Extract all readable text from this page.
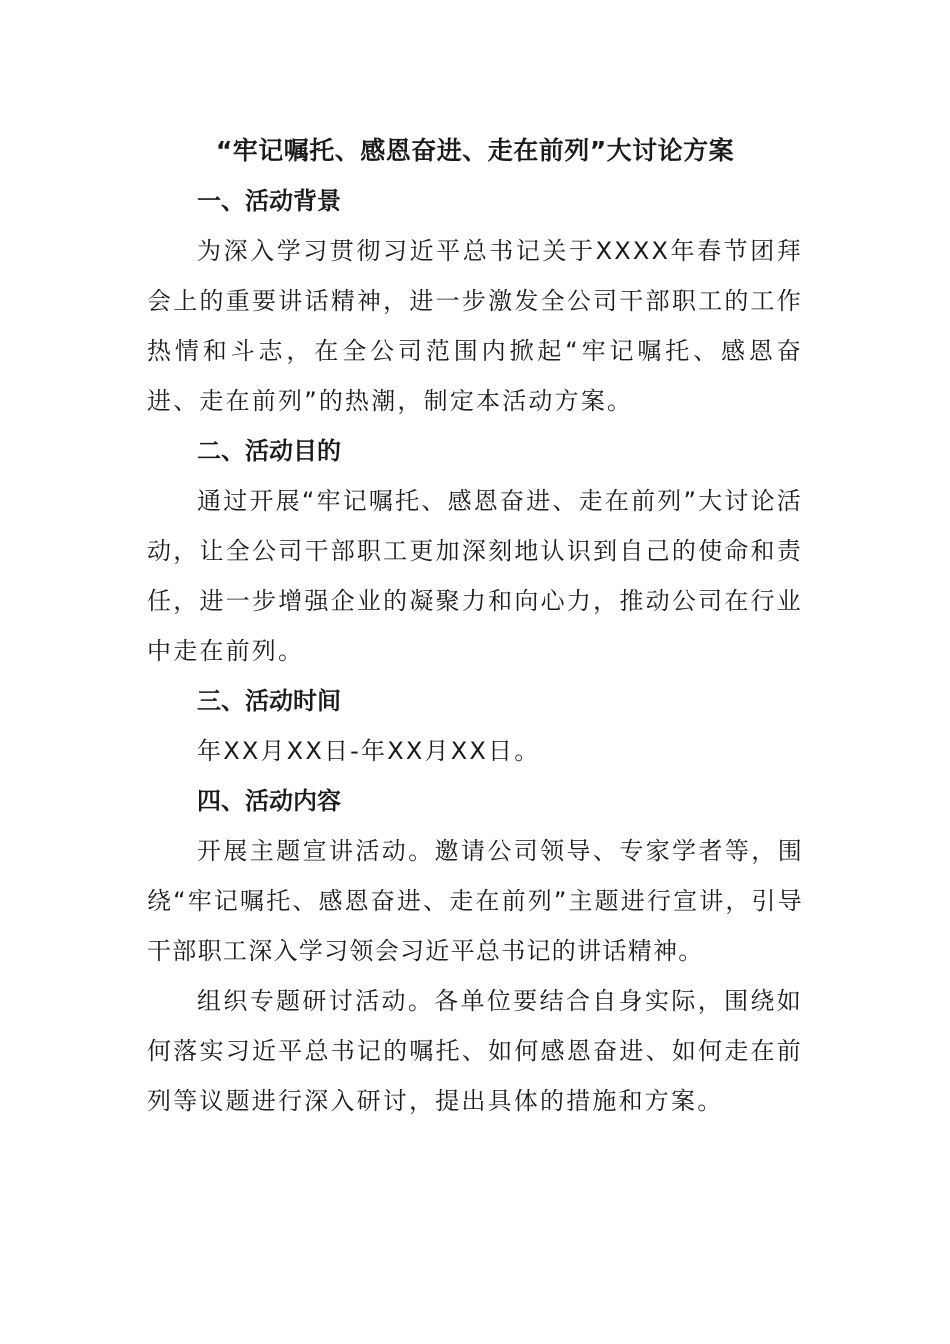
“牢记嘱托、感恩奋进、走在前列”大讨论方案
一、活动背景

为深入学习贯彻习近平总书记关于XXXX年春节团拜会上的重要讲话精神，进一步激发全公司干部职工的工作热情和斗志，在全公司范围内掀起“牢记嘱托、感恩奋进、走在前列”的热潮，制定本活动方案。

二、活动目的

通过开展“牢记嘱托、感恩奋进、走在前列”大讨论活动，让全公司干部职工更加深刻地认识到自己的使命和责任，进一步增强企业的凝聚力和向心力，推动公司在行业中走在前列。

三、活动时间

年XX月XX日-年XX月XX日。

四、活动内容

开展主题宣讲活动。邀请公司领导、专家学者等，围绕“牢记嘱托、感恩奋进、走在前列”主题进行宣讲，引导干部职工深入学习领会习近平总书记的讲话精神。

组织专题研讨活动。各单位要结合自身实际，围绕如何落实习近平总书记的嘱托、如何感恩奋进、如何走在前列等议题进行深入研讨，提出具体的措施和方案。
